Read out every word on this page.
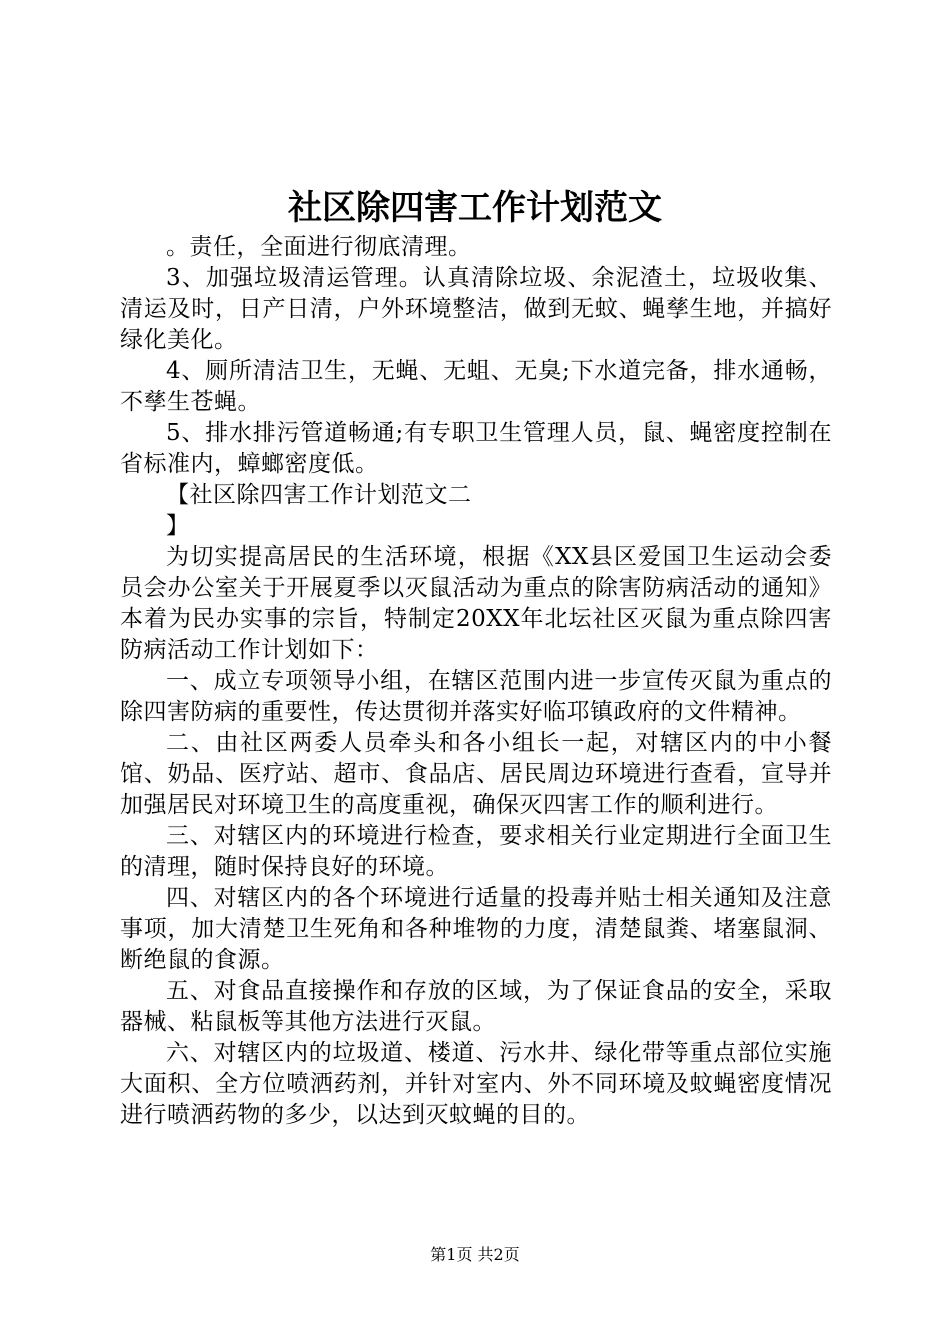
社区除四害工作计划范文

。责任，全面进行彻底清理。

3、加强垃圾清运管理。认真清除垃圾、余泥渣土，垃圾收集、清运及时，日产日清，户外环境整洁，做到无蚊、蝇孳生地，并搞好绿化美化。

4、厕所清洁卫生，无蝇、无蛆、无臭;下水道完备，排水通畅，不孳生苍蝇。

5、排水排污管道畅通;有专职卫生管理人员，鼠、蝇密度控制在省标准内，蟑螂密度低。

【社区除四害工作计划范文二

】

为切实提高居民的生活环境，根据《XX县区爱国卫生运动会委员会办公室关于开展夏季以灭鼠活动为重点的除害防病活动的通知》本着为民办实事的宗旨，特制定20XX年北坛社区灭鼠为重点除四害防病活动工作计划如下：

一、成立专项领导小组，在辖区范围内进一步宣传灭鼠为重点的除四害防病的重要性，传达贯彻并落实好临邛镇政府的文件精神。

二、由社区两委人员牵头和各小组长一起，对辖区内的中小餐馆、奶品、医疗站、超市、食品店、居民周边环境进行查看，宣导并加强居民对环境卫生的高度重视，确保灭四害工作的顺利进行。

三、对辖区内的环境进行检查，要求相关行业定期进行全面卫生的清理，随时保持良好的环境。

四、对辖区内的各个环境进行适量的投毒并贴士相关通知及注意事项，加大清楚卫生死角和各种堆物的力度，清楚鼠粪、堵塞鼠洞、断绝鼠的食源。

五、对食品直接操作和存放的区域，为了保证食品的安全，采取器械、粘鼠板等其他方法进行灭鼠。

六、对辖区内的垃圾道、楼道、污水井、绿化带等重点部位实施大面积、全方位喷洒药剂，并针对室内、外不同环境及蚊蝇密度情况进行喷洒药物的多少，以达到灭蚊蝇的目的。

第1页 共2页
